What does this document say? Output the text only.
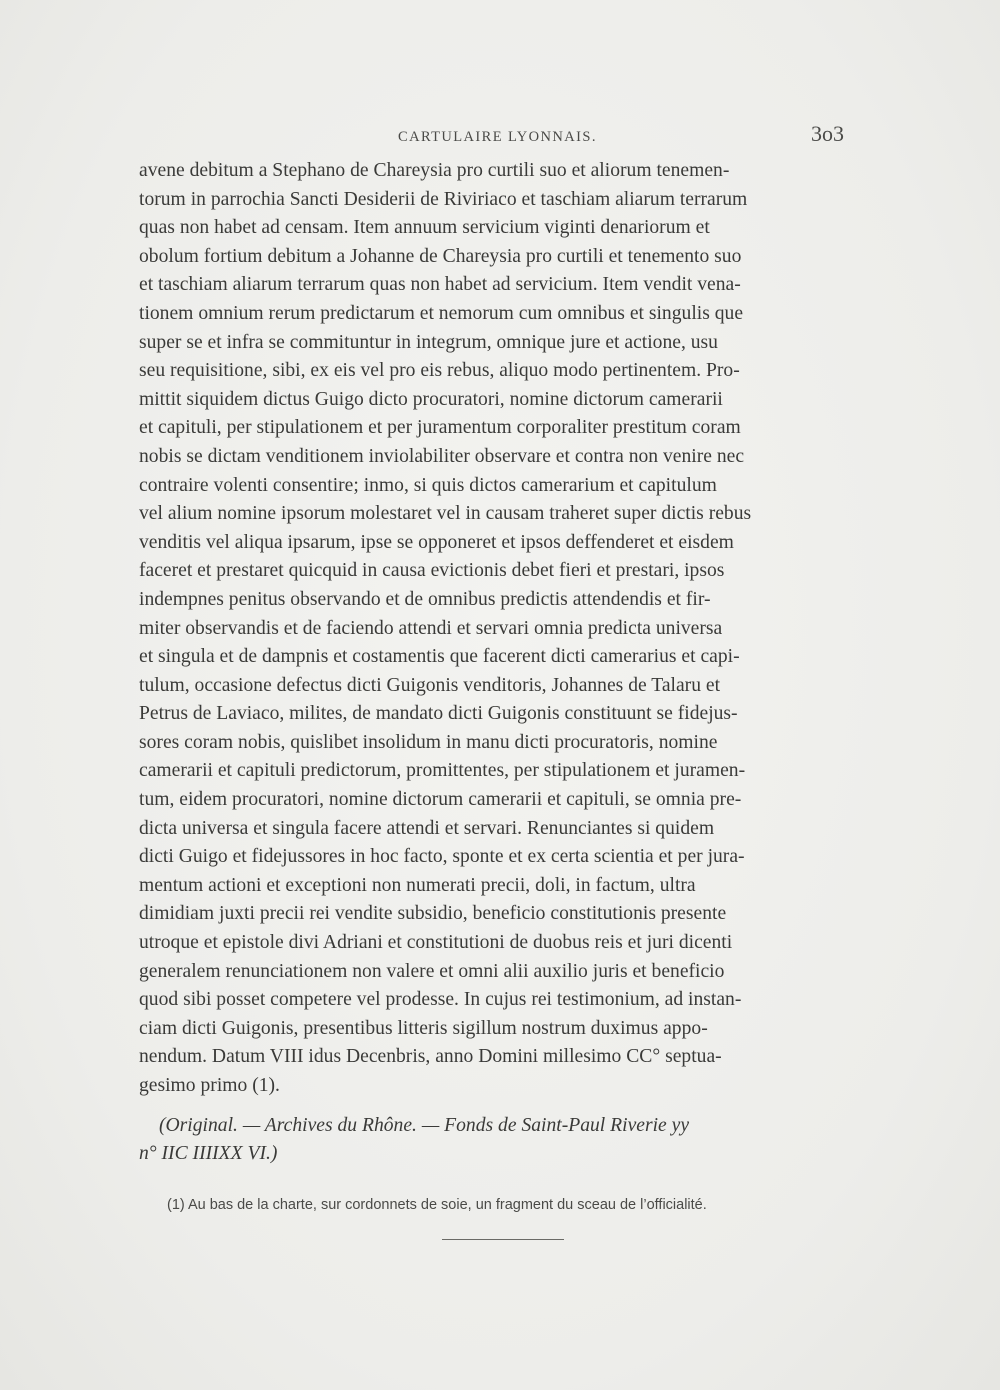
CARTULAIRE LYONNAIS.	3o3
avene debitum a Stephano de Chareysia pro curtili suo et aliorum tenemen-
torum in parrochia Sancti Desiderii de Riviriaco et taschiam aliarum terrarum
quas non habet ad censam. Item annuum servicium viginti denariorum et
obolum fortium debitum a Johanne de Chareysia pro curtili et tenemento suo
et taschiam aliarum terrarum quas non habet ad servicium. Item vendit vena-
tionem omnium rerum predictarum et nemorum cum omnibus et singulis que
super se et infra se commituntur in integrum, omnique jure et actione, usu
seu requisitione, sibi, ex eis vel pro eis rebus, aliquo modo pertinentem. Pro-
mittit siquidem dictus Guigo dicto procuratori, nomine dictorum camerarii
et capituli, per stipulationem et per juramentum corporaliter prestitum coram
nobis se dictam venditionem inviolabiliter observare et contra non venire nec
contraire volenti consentire; inmo, si quis dictos camerarium et capitulum
vel alium nomine ipsorum molestaret vel in causam traheret super dictis rebus
venditis vel aliqua ipsarum, ipse se opponeret et ipsos deffenderet et eisdem
faceret et prestaret quicquid in causa evictionis debet fieri et prestari, ipsos
indempnes penitus observando et de omnibus predictis attendendis et fir-
miter observandis et de faciendo attendi et servari omnia predicta universa
et singula et de dampnis et costamentis que facerent dicti camerarius et capi-
tulum, occasione defectus dicti Guigonis venditoris, Johannes de Talaru et
Petrus de Laviaco, milites, de mandato dicti Guigonis constituunt se fidejus-
sores coram nobis, quislibet insolidum in manu dicti procuratoris, nomine
camerarii et capituli predictorum, promittentes, per stipulationem et juramen-
tum, eidem procuratori, nomine dictorum camerarii et capituli, se omnia pre-
dicta universa et singula facere attendi et servari. Renunciantes si quidem
dicti Guigo et fidejussores in hoc facto, sponte et ex certa scientia et per jura-
mentum actioni et exceptioni non numerati precii, doli, in factum, ultra
dimidiam juxti precii rei vendite subsidio, beneficio constitutionis presente
utroque et epistole divi Adriani et constitutioni de duobus reis et juri dicenti
generalem renunciationem non valere et omni alii auxilio juris et beneficio
quod sibi posset competere vel prodesse. In cujus rei testimonium, ad instan-
ciam dicti Guigonis, presentibus litteris sigillum nostrum duximus appo-
nendum. Datum VIII idus Decenbris, anno Domini millesimo CC° septua-
gesimo primo (1).
(Original. — Archives du Rhône. — Fonds de Saint-Paul Riverie yy
n° IIC IIIIXX VI.)
(1) Au bas de la charte, sur cordonnets de soie, un fragment du sceau de l’officialité.
